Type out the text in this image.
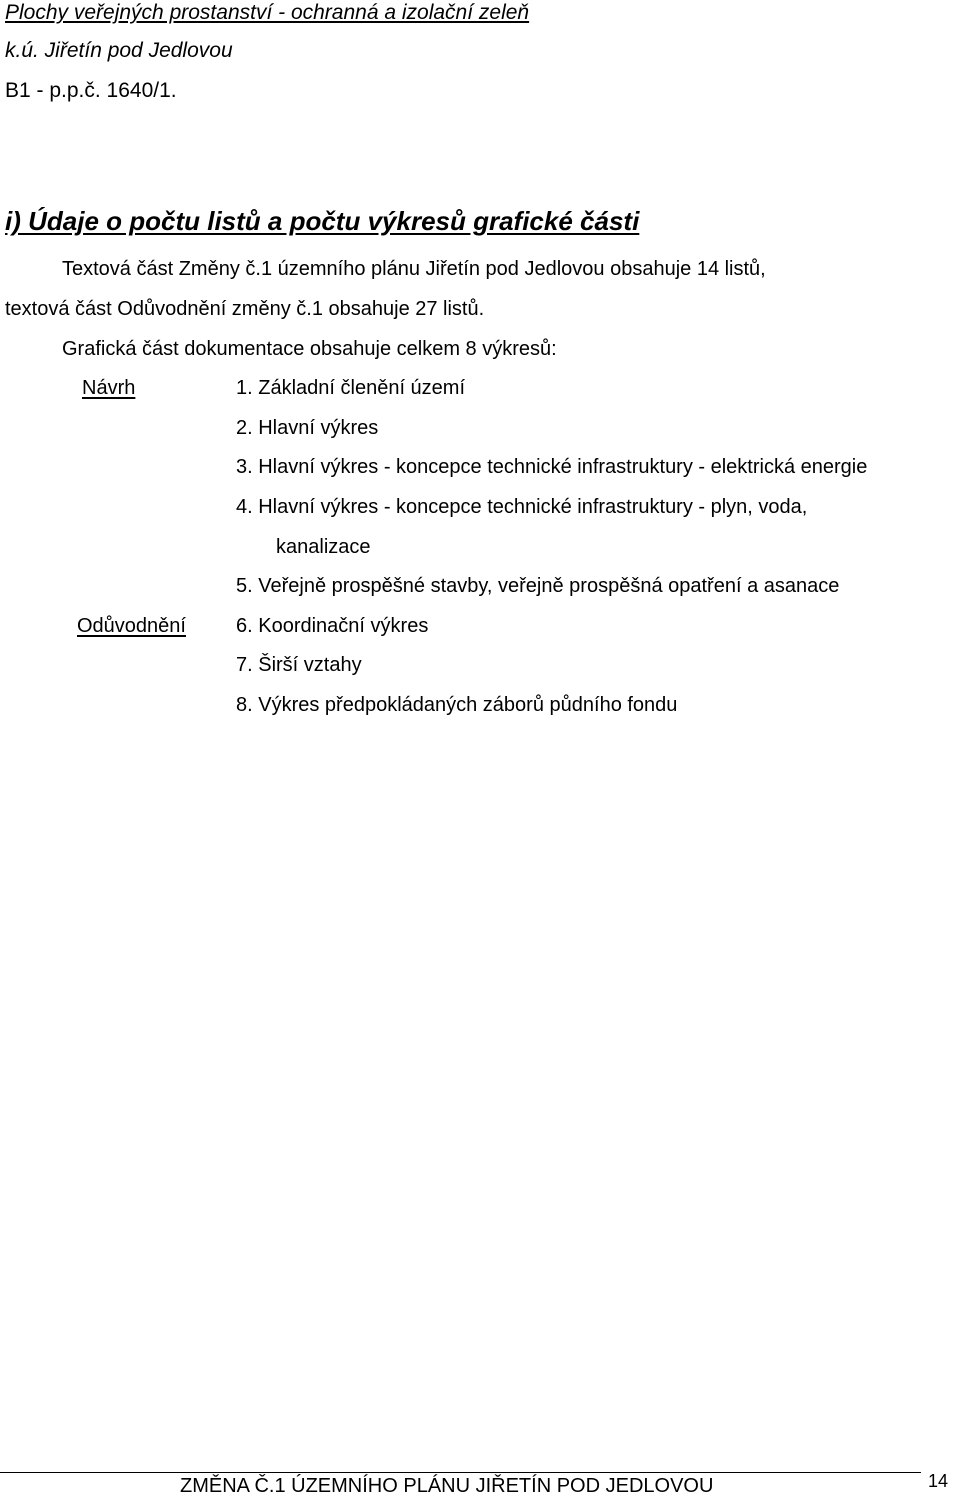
Plochy veřejných prostanství - ochranná a izolační zeleň
k.ú. Jiřetín pod Jedlovou
B1 - p.p.č. 1640/1.
i) Údaje o počtu listů a počtu výkresů grafické části
Textová část Změny č.1 územního plánu Jiřetín pod Jedlovou obsahuje 14 listů,
textová část Odůvodnění změny č.1 obsahuje 27 listů.
Grafická část dokumentace obsahuje celkem 8 výkresů:
Návrh
Odůvodnění
1. Základní členění území
2. Hlavní výkres
3. Hlavní výkres - koncepce technické infrastruktury - elektrická energie
4. Hlavní výkres - koncepce technické infrastruktury - plyn, voda,
kanalizace
5. Veřejně prospěšné stavby, veřejně prospěšná opatření a asanace
6. Koordinační výkres
7. Širší vztahy
8. Výkres předpokládaných záborů půdního fondu
ZMĚNA Č.1 ÚZEMNÍHO PLÁNU JIŘETÍN POD JEDLOVOU	14
